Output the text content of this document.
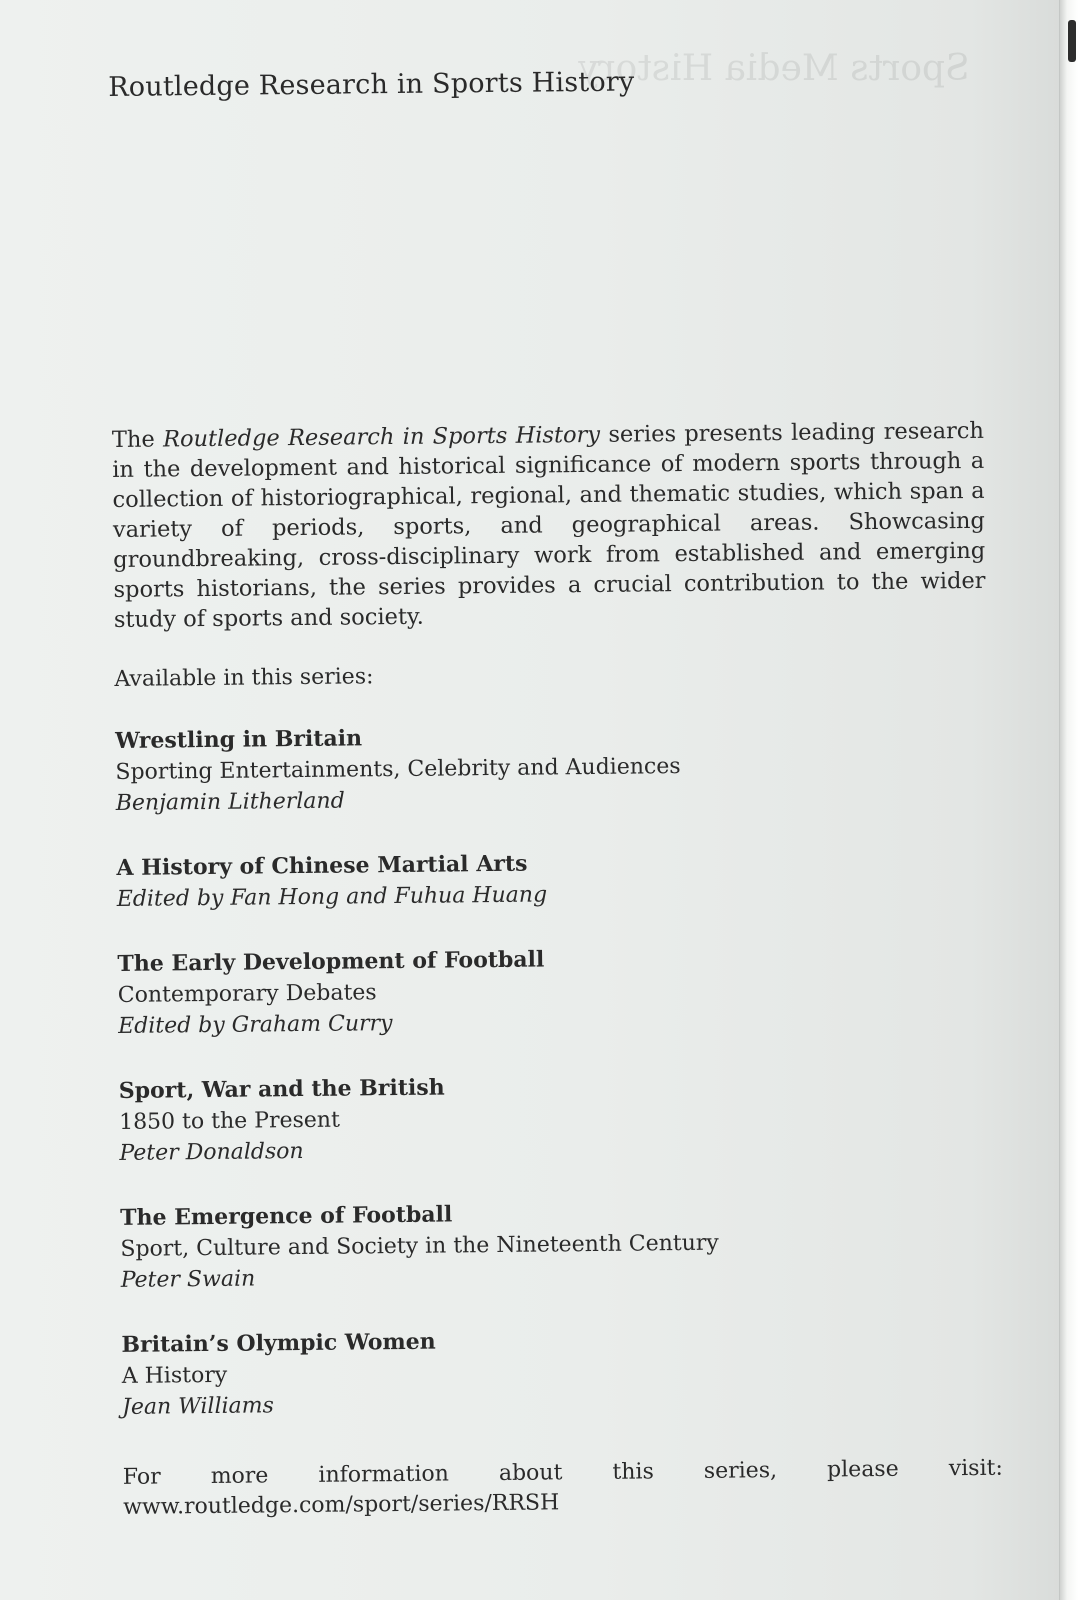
Sports Media History
Routledge Research in Sports History

The Routledge Research in Sports History series presents leading research in the development and historical significance of modern sports through a collection of historiographical, regional, and thematic studies, which span a variety of periods, sports, and geographical areas. Showcasing groundbreaking, cross-disciplinary work from established and emerging sports historians, the series provides a crucial contribution to the wider study of sports and society.

Available in this series:
Wrestling in Britain
Sporting Entertainments, Celebrity and Audiences
Benjamin Litherland
A History of Chinese Martial Arts
Edited by Fan Hong and Fuhua Huang
The Early Development of Football
Contemporary Debates
Edited by Graham Curry
Sport, War and the British
1850 to the Present
Peter Donaldson
The Emergence of Football
Sport, Culture and Society in the Nineteenth Century
Peter Swain
Britain’s Olympic Women
A History
Jean Williams

For more information about this series, please visit: www.routledge.com/sport/series/RRSH
